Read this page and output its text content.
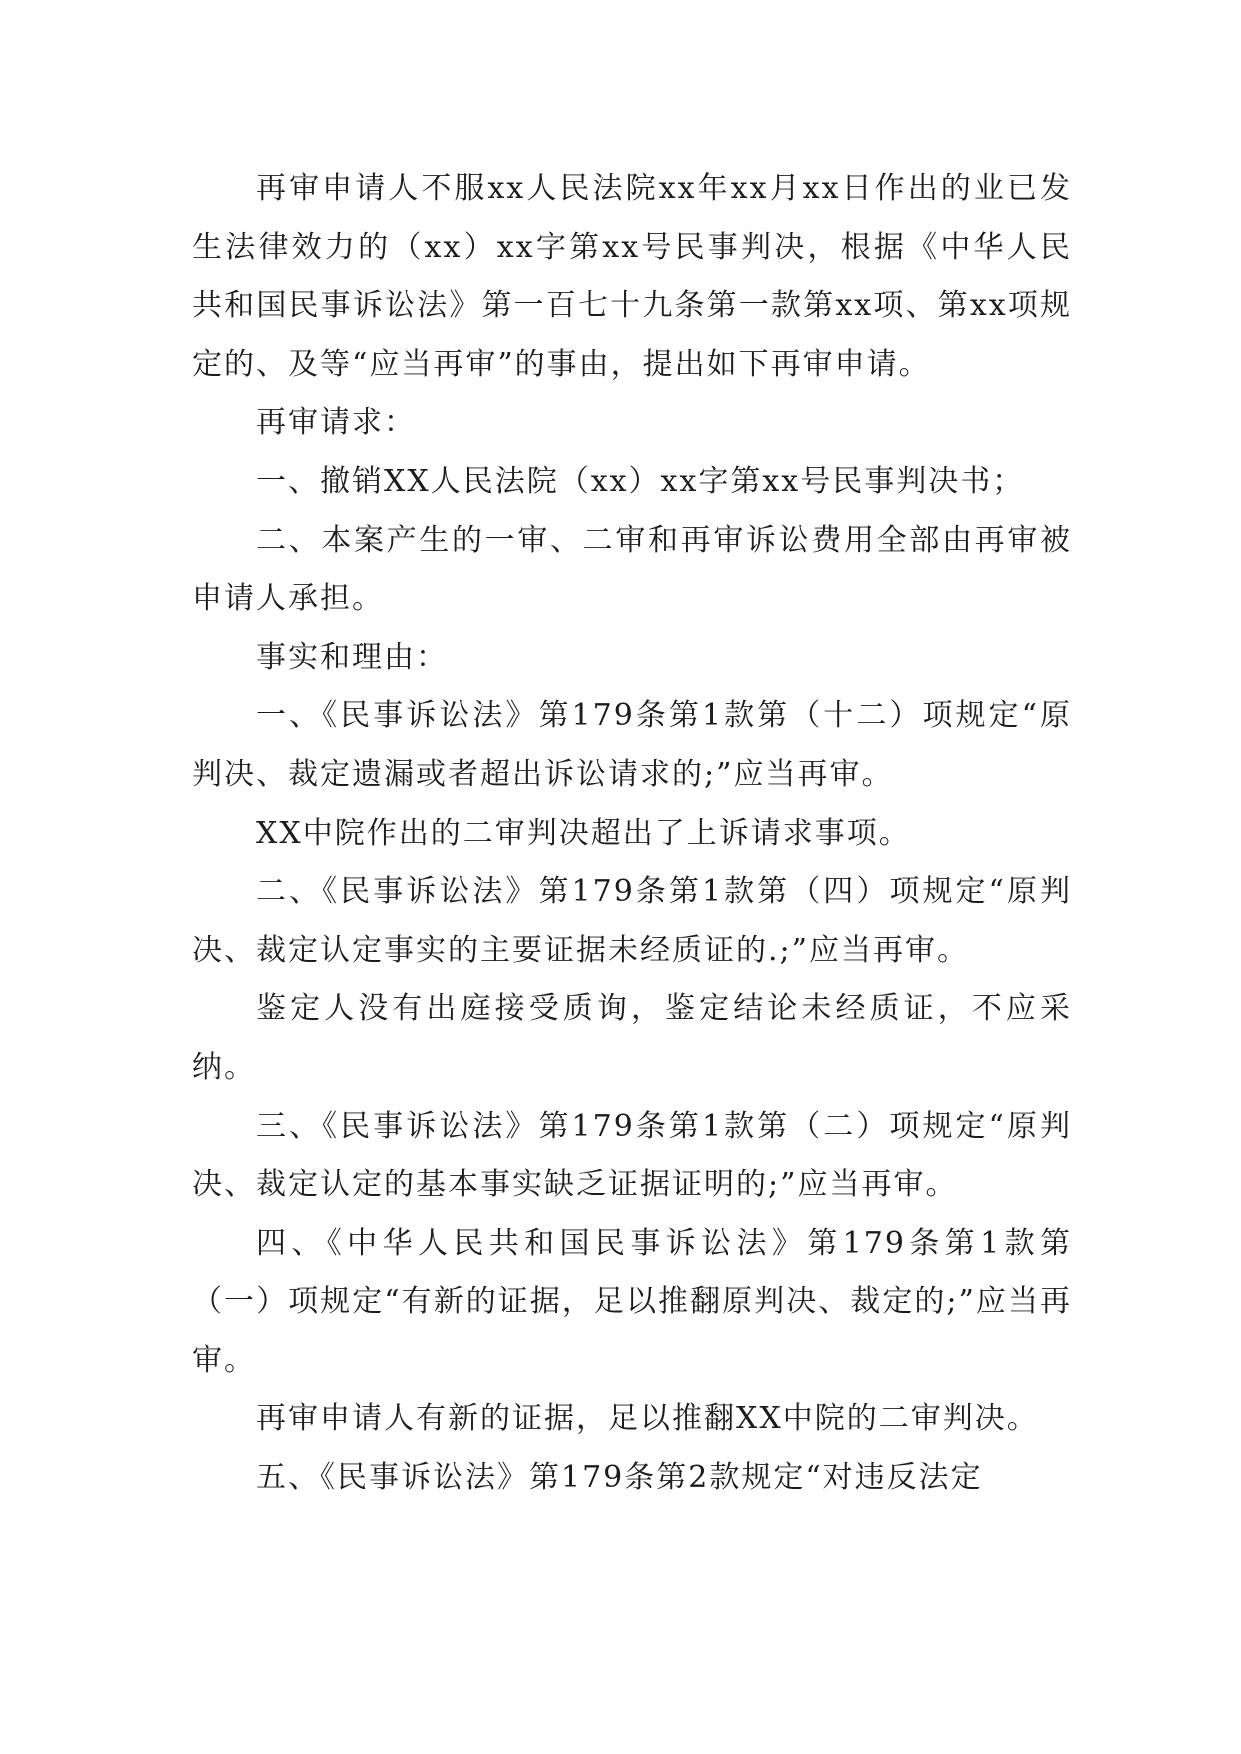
再审申请人不服xx人民法院xx年xx月xx日作出的业已发生法律效力的（xx）xx字第xx号民事判决，根据《中华人民共和国民事诉讼法》第一百七十九条第一款第xx项、第xx项规定的、及等“应当再审”的事由，提出如下再审申请。

再审请求：

一、撤销XX人民法院（xx）xx字第xx号民事判决书；

二、本案产生的一审、二审和再审诉讼费用全部由再审被申请人承担。

事实和理由：

一、《民事诉讼法》第179条第1款第（十二）项规定“原判决、裁定遗漏或者超出诉讼请求的;”应当再审。

XX中院作出的二审判决超出了上诉请求事项。

二、《民事诉讼法》第179条第1款第（四）项规定“原判决、裁定认定事实的主要证据未经质证的.;”应当再审。

鉴定人没有出庭接受质询，鉴定结论未经质证，不应采纳。

三、《民事诉讼法》第179条第1款第（二）项规定“原判决、裁定认定的基本事实缺乏证据证明的;”应当再审。

四、《中华人民共和国民事诉讼法》第179条第1款第（一）项规定“有新的证据，足以推翻原判决、裁定的;”应当再审。

再审申请人有新的证据，足以推翻XX中院的二审判决。

五、《民事诉讼法》第179条第2款规定“对违反法定
